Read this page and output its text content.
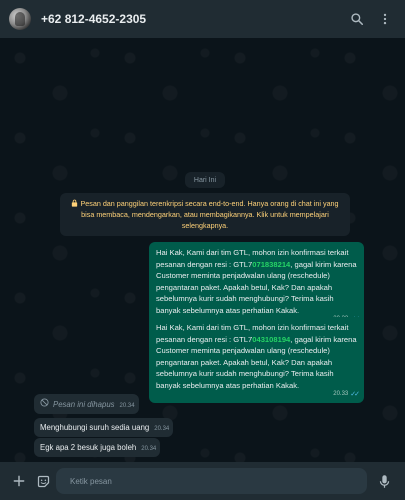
+62 812-4652-2305
Hari Ini
Pesan dan panggilan terenkripsi secara end-to-end. Hanya orang di chat ini yang bisa membaca, mendengarkan, atau membagikannya. Klik untuk mempelajari selengkapnya.
Hai Kak, Kami dari tim GTL, mohon izin konfirmasi terkait pesanan dengan resi : GTL7071838214, gagal kirim karena Customer meminta penjadwalan ulang (reschedule) pengantaran paket. Apakah betul, Kak? Dan apakah sebelumnya kurir sudah menghubungi? Terima kasih banyak sebelumnya atas perhatian Kakak.
Hai Kak, Kami dari tim GTL, mohon izin konfirmasi terkait pesanan dengan resi : GTL7043108194, gagal kirim karena Customer meminta penjadwalan ulang (reschedule) pengantaran paket. Apakah betul, Kak? Dan apakah sebelumnya kurir sudah menghubungi? Terima kasih banyak sebelumnya atas perhatian Kakak.
20.33 ✓✓
Pesan ini dihapus 20.34
Menghubungi suruh sedia uang 20.34
Egk apa 2 besuk juga boleh 20.34
Ketik pesan
